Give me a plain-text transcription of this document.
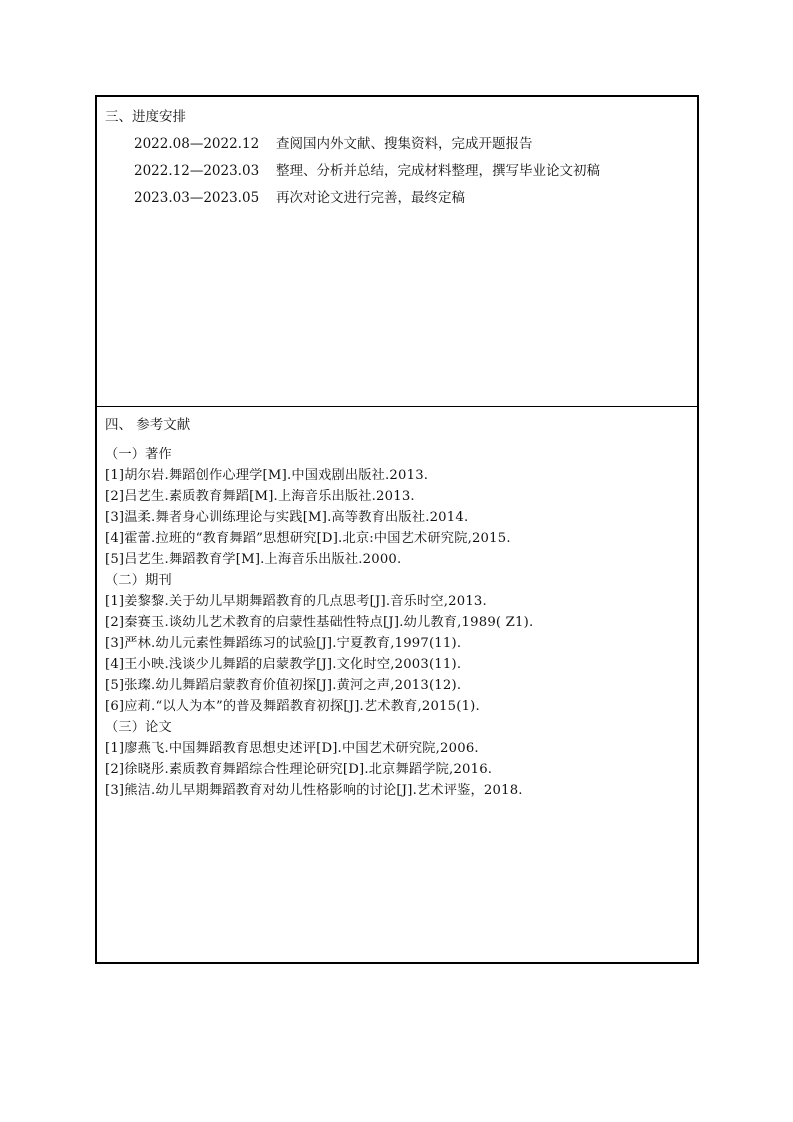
三、进度安排
2022.08—2022.12 查阅国内外文献、搜集资料，完成开题报告
2022.12—2023.03 整理、分析并总结，完成材料整理，撰写毕业论文初稿
2023.03—2023.05 再次对论文进行完善，最终定稿
四、 参考文献
（一）著作
[1]胡尔岩.舞蹈创作心理学[M].中国戏剧出版社.2013.
[2]吕艺生.素质教育舞蹈[M].上海音乐出版社.2013.
[3]温柔.舞者身心训练理论与实践[M].高等教育出版社.2014.
[4]霍蕾.拉班的“教育舞蹈”思想研究[D].北京:中国艺术研究院,2015.
[5]吕艺生.舞蹈教育学[M].上海音乐出版社.2000.
（二）期刊
[1]姜黎黎.关于幼儿早期舞蹈教育的几点思考[J].音乐时空,2013.
[2]秦赛玉.谈幼儿艺术教育的启蒙性基础性特点[J].幼儿教育,1989( Z1).
[3]严林.幼儿元素性舞蹈练习的试验[J].宁夏教育,1997(11).
[4]王小映.浅谈少儿舞蹈的启蒙教学[J].文化时空,2003(11).
[5]张璨.幼儿舞蹈启蒙教育价值初探[J].黄河之声,2013(12).
[6]应莉.“以人为本”的普及舞蹈教育初探[J].艺术教育,2015(1).
（三）论文
[1]廖燕飞.中国舞蹈教育思想史述评[D].中国艺术研究院,2006.
[2]徐晓彤.素质教育舞蹈综合性理论研究[D].北京舞蹈学院,2016.
[3]熊洁.幼儿早期舞蹈教育对幼儿性格影响的讨论[J].艺术评鉴，2018.
